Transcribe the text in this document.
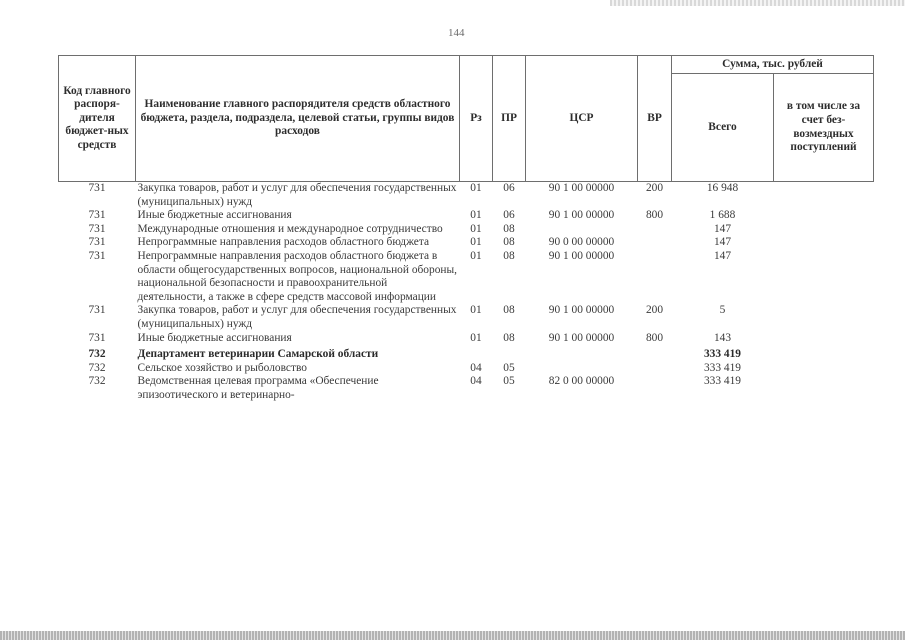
144
Код главного распоря-дителя бюджет-ных средств	Наименование главного распорядителя средств областного бюджета, раздела, подраздела, целевой статьи, группы видов расходов	Рз	ПР	ЦСР	ВР	Сумма, тыс. рублей	
						Всего	в том числе за счет без-возмездных поступлений
731	Закупка товаров, работ и услуг для обеспечения государственных (муниципальных) нужд	01	06	90 1 00 00000	200	16 948	
731	Иные бюджетные ассигнования	01	06	90 1 00 00000	800	1 688	
731	Международные отношения и международное сотрудничество	01	08			147	
731	Непрограммные направления расходов областного бюджета	01	08	90 0 00 00000		147	
731	Непрограммные направления расходов областного бюджета в области общегосударственных вопросов, национальной обороны, национальной безопасности и правоохранительной деятельности, а также в сфере средств массовой информации	01	08	90 1 00 00000		147	
731	Закупка товаров, работ и услуг для обеспечения государственных (муниципальных) нужд	01	08	90 1 00 00000	200	5	
731	Иные бюджетные ассигнования	01	08	90 1 00 00000	800	143	
732	Департамент ветеринарии Самарской области					333 419	
732	Сельское хозяйство и рыболовство	04	05			333 419	
732	Ведомственная целевая программа «Обеспечение эпизоотического и ветеринарно-	04	05	82 0 00 00000		333 419	
